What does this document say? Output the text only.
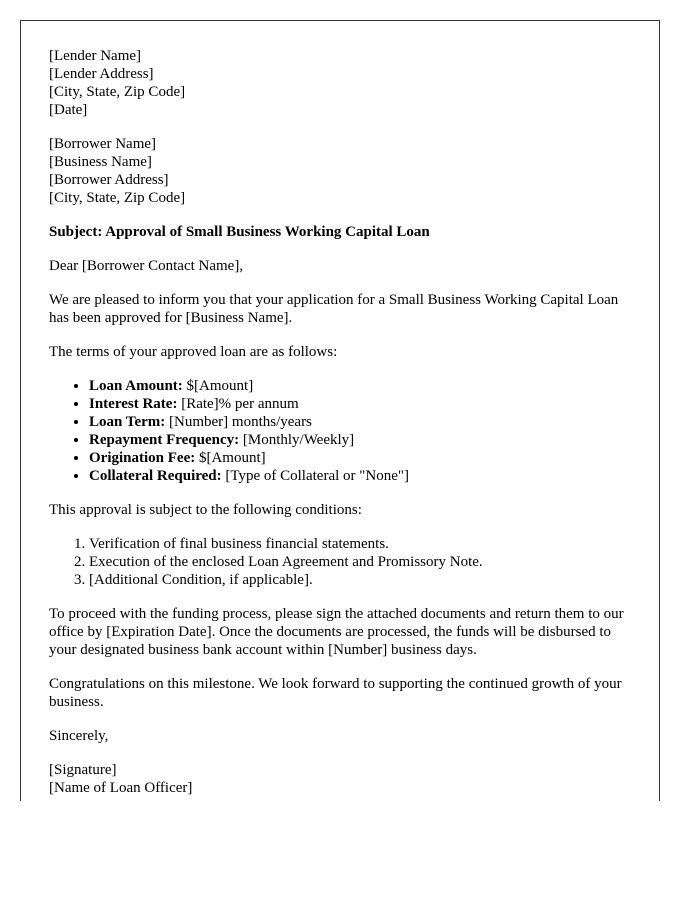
[Lender Name]
[Lender Address]
[City, State, Zip Code]
[Date]
[Borrower Name]
[Business Name]
[Borrower Address]
[City, State, Zip Code]
Subject: Approval of Small Business Working Capital Loan

Dear [Borrower Contact Name],

We are pleased to inform you that your application for a Small Business Working Capital Loan has been approved for [Business Name].

The terms of your approved loan are as follows:

• Loan Amount: $[Amount]
• Interest Rate: [Rate]% per annum
• Loan Term: [Number] months/years
• Repayment Frequency: [Monthly/Weekly]
• Origination Fee: $[Amount]
• Collateral Required: [Type of Collateral or "None"]

This approval is subject to the following conditions:

1. Verification of final business financial statements.
2. Execution of the enclosed Loan Agreement and Promissory Note.
3. [Additional Condition, if applicable].

To proceed with the funding process, please sign the attached documents and return them to our office by [Expiration Date]. Once the documents are processed, the funds will be disbursed to your designated business bank account within [Number] business days.

Congratulations on this milestone. We look forward to supporting the continued growth of your business.

Sincerely,

[Signature]
[Name of Loan Officer]
